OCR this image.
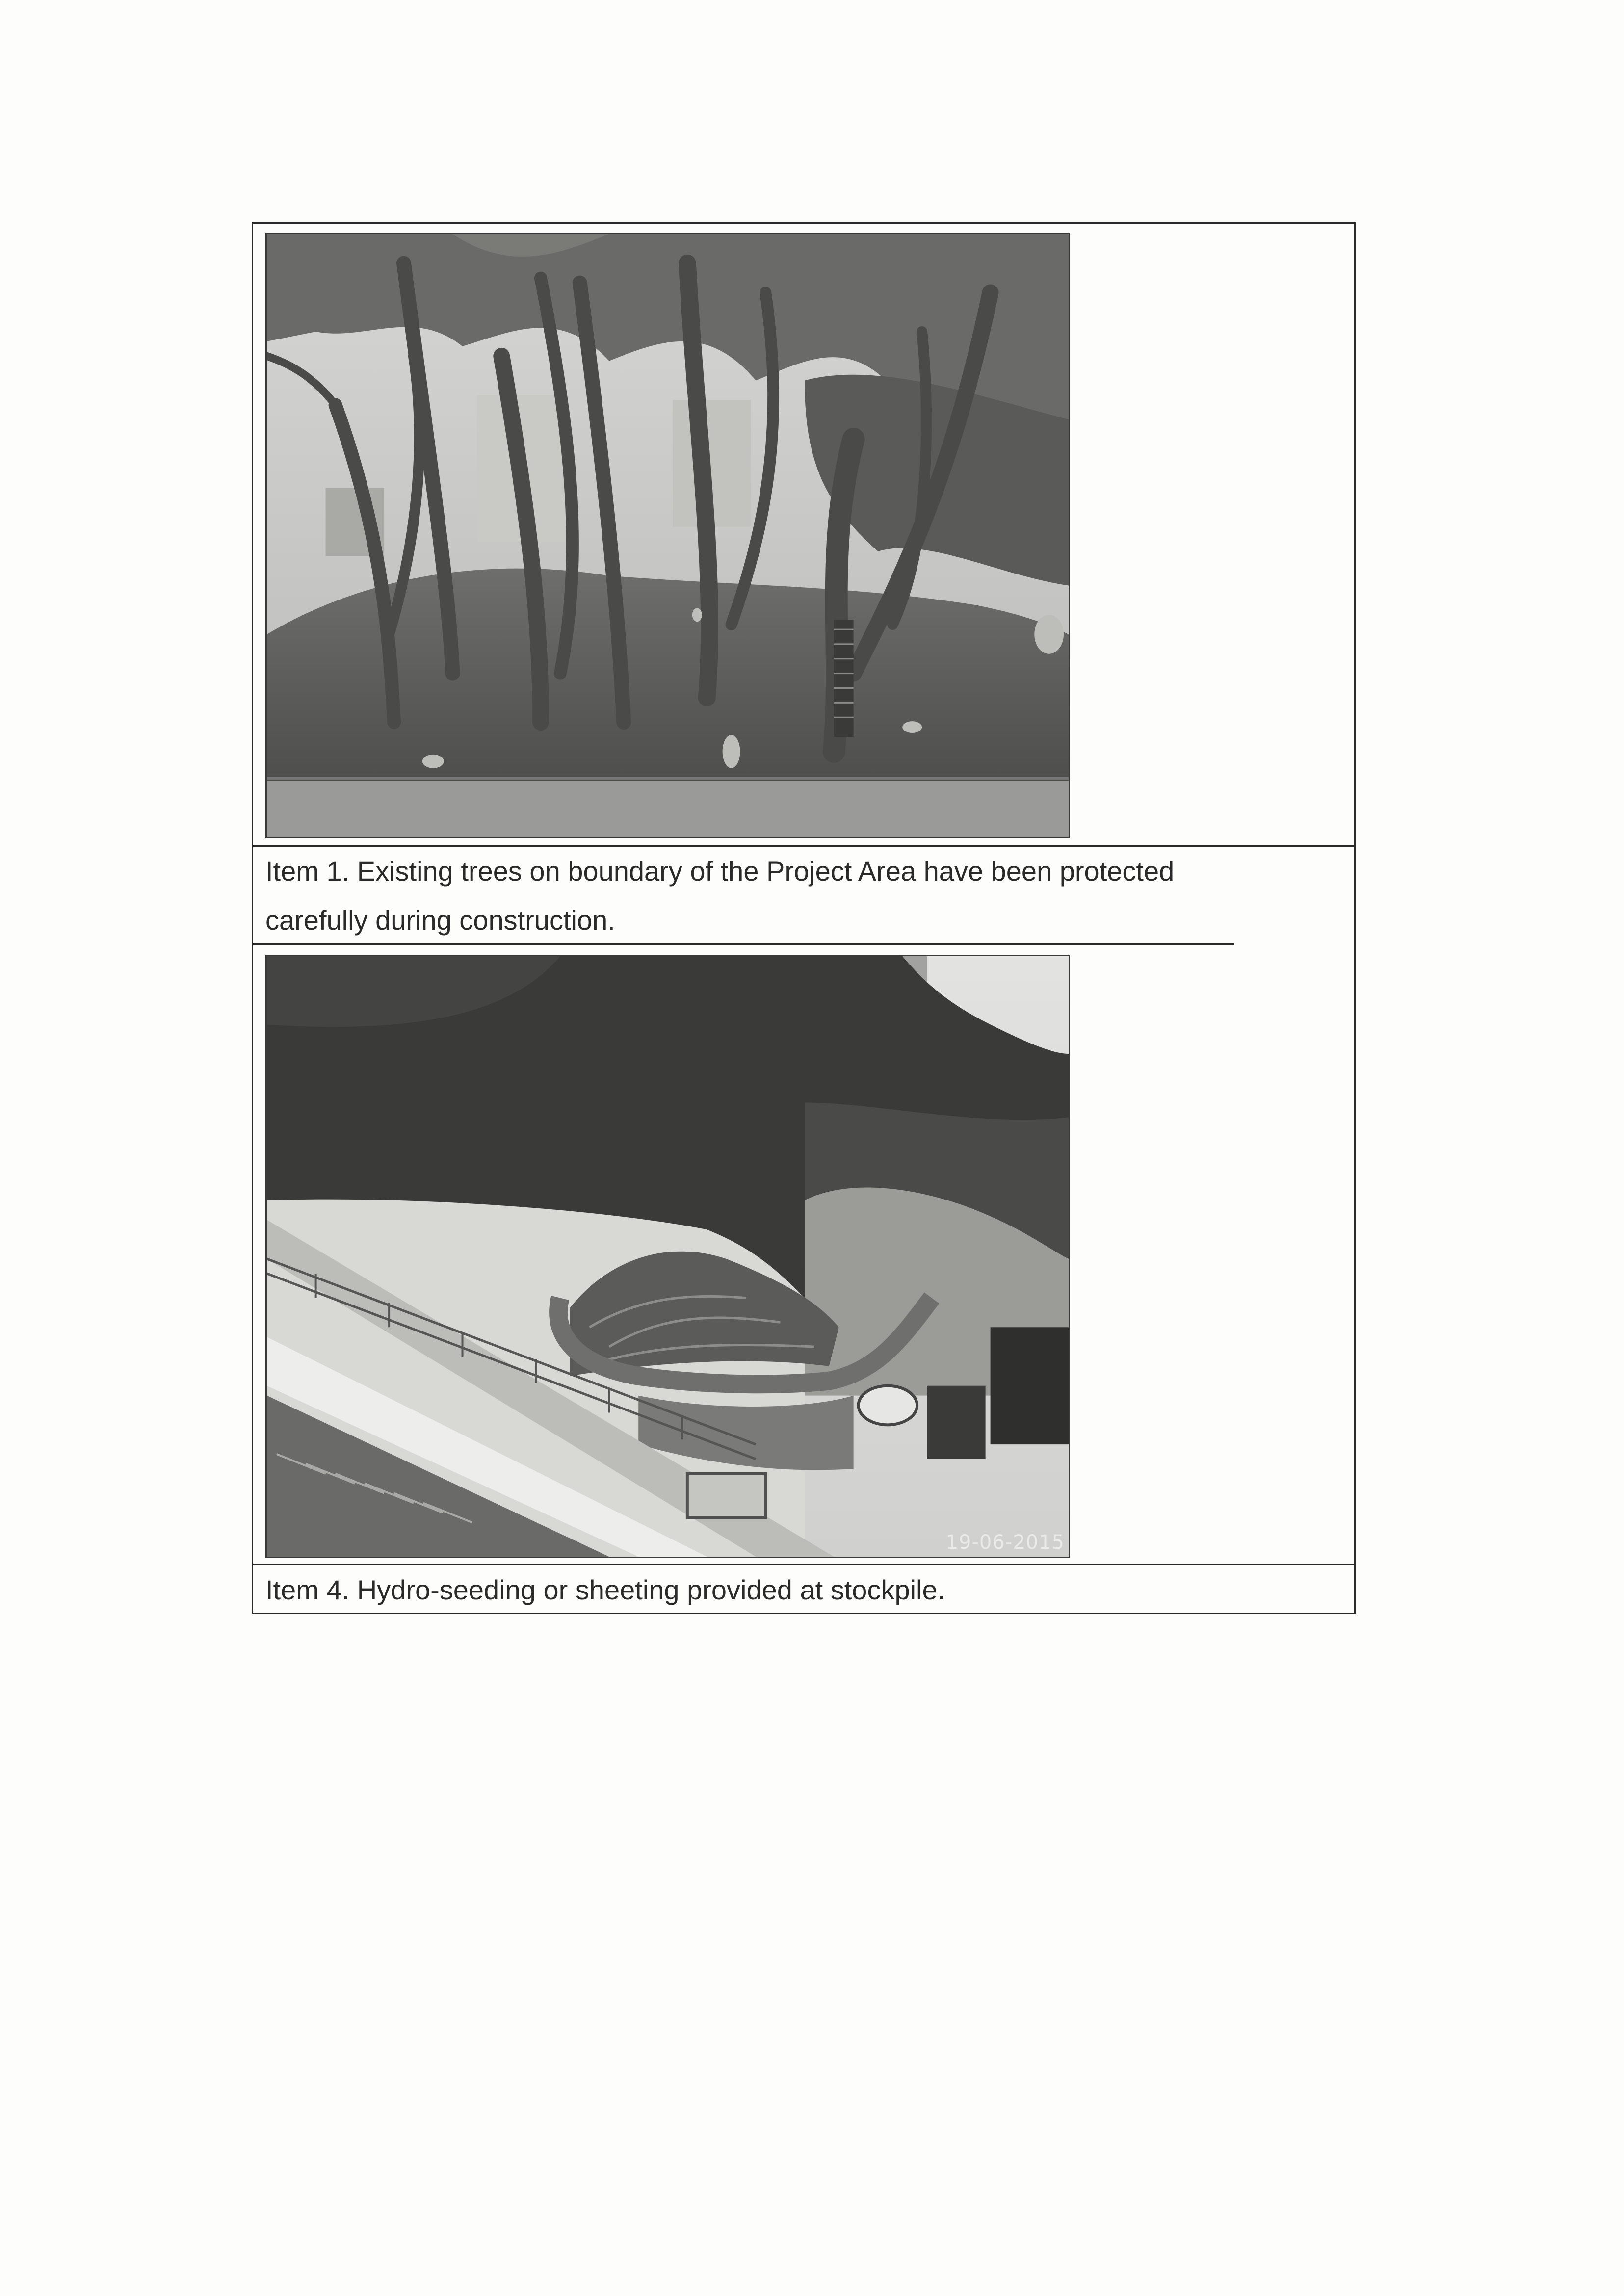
Item 1. Existing trees on boundary of the Project Area have been protected carefully during construction.
19-06-2015
Item 4. Hydro-seeding or sheeting provided at stockpile.
